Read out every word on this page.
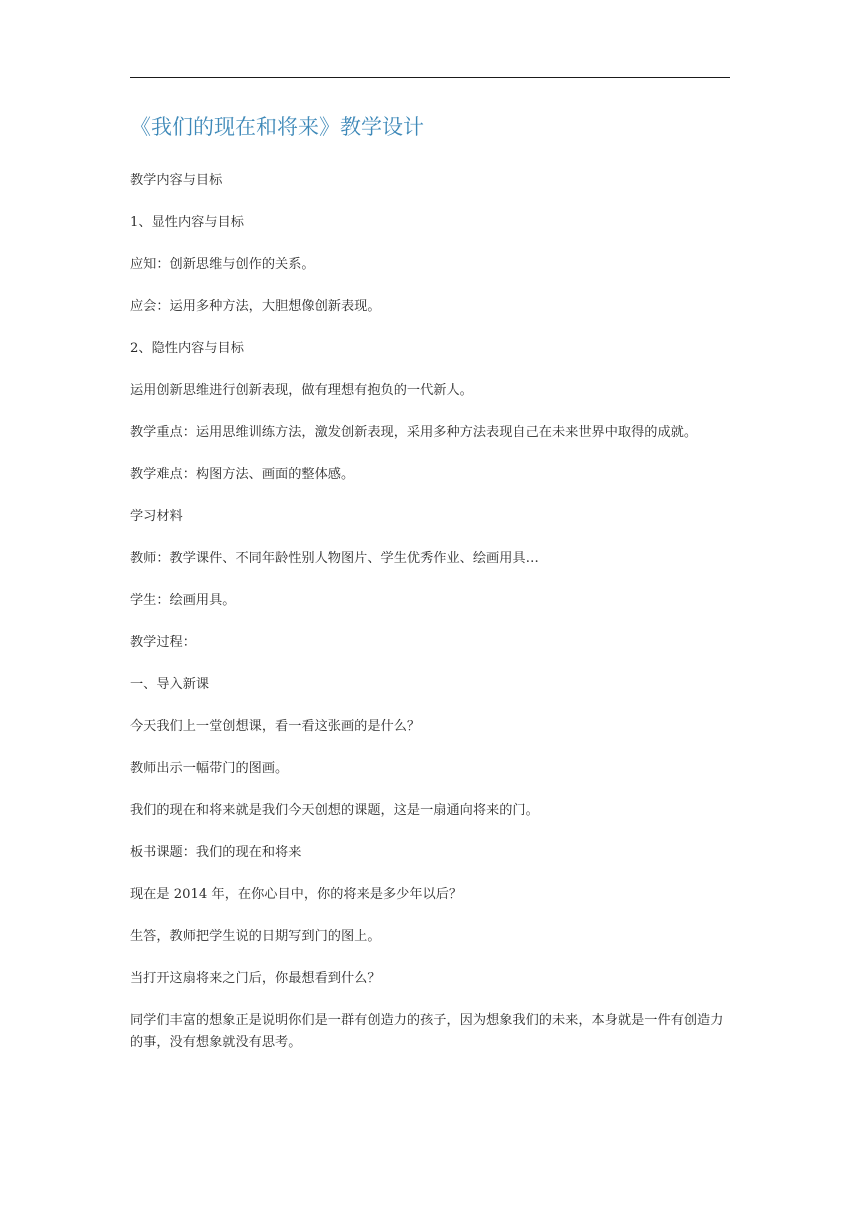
《我们的现在和将来》教学设计

教学内容与目标

1、显性内容与目标

应知：创新思维与创作的关系。

应会：运用多种方法，大胆想像创新表现。

2、隐性内容与目标

运用创新思维进行创新表现，做有理想有抱负的一代新人。

教学重点：运用思维训练方法，激发创新表现，采用多种方法表现自己在未来世界中取得的成就。

教学难点：构图方法、画面的整体感。

学习材料

教师：教学课件、不同年龄性别人物图片、学生优秀作业、绘画用具…

学生：绘画用具。

教学过程：

一、导入新课

今天我们上一堂创想课，看一看这张画的是什么？

教师出示一幅带门的图画。

我们的现在和将来就是我们今天创想的课题，这是一扇通向将来的门。

板书课题：我们的现在和将来

现在是 2014 年，在你心目中，你的将来是多少年以后？

生答，教师把学生说的日期写到门的图上。

当打开这扇将来之门后，你最想看到什么？

同学们丰富的想象正是说明你们是一群有创造力的孩子，因为想象我们的未来，本身就是一件有创造力的事，没有想象就没有思考。
